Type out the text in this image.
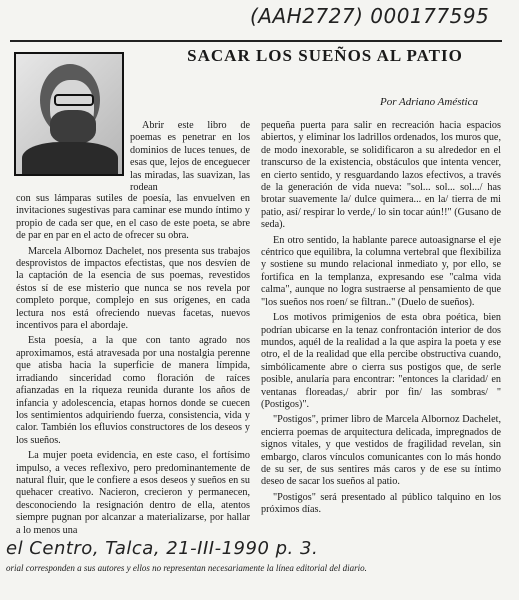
(AAH2727) 000177595
SACAR LOS SUEÑOS AL PATIO

Por Adriano Améstica

Abrir este libro de poemas es penetrar en los dominios de luces tenues, de esas que, lejos de enceguecer las miradas, las suavizan, las rodean

con sus lámparas sutiles de poesía, las envuelven en invitaciones sugestivas para caminar ese mundo íntimo y propio de cada ser que, en el caso de este poeta, se abre de par en par en el acto de ofrecer su obra.

Marcela Albornoz Dachelet, nos presenta sus trabajos desprovistos de impactos efectistas, que nos desvíen de la captación de la esencia de sus poemas, revestidos éstos sí de ese misterio que nunca se nos revela por completo porque, complejo en sus orígenes, en cada lectura nos está ofreciendo nuevas facetas, nuevos incentivos para el abordaje.

Esta poesía, a la que con tanto agrado nos aproximamos, está atravesada por una nostalgia perenne que atisba hacia la superficie de manera límpida, irradiando sinceridad como floración de raíces afianzadas en la riqueza reunida durante los años de infancia y adolescencia, etapas hornos donde se cuecen los sentimientos adquiriendo fuerza, consistencia, vida y calor. También los efluvios constructores de los deseos y los sueños.

La mujer poeta evidencia, en este caso, el fortísimo impulso, a veces reflexivo, pero predominantemente de natural fluir, que le confiere a esos deseos y sueños en su quehacer creativo. Nacieron, crecieron y permanecen, desconociendo la resignación dentro de ella, atentos siempre pugnan por alcanzar a materializarse, por hallar a lo menos una

pequeña puerta para salir en recreación hacia espacios abiertos, y eliminar los ladrillos ordenados, los muros que, de modo inexorable, se solidificaron a su alrededor en el transcurso de la existencia, obstáculos que intenta vencer, en cierto sentido, y resguardando lazos efectivos, a través de la generación de vida nueva: "sol... sol... sol.../ has brotar suavemente la/ dulce quimera... en la/ tierra de mi patio, así/ respirar lo verde,/ lo sin tocar aún!!" (Gusano de seda).

En otro sentido, la hablante parece autoasignarse el eje céntrico que equilibra, la columna vertebral que flexibiliza y sostiene su mundo relacional inmediato y, por ello, se fortifica en la templanza, expresando ese "calma vida calma", aunque no logra sustraerse al pensamiento de que "los sueños nos roen/ se filtran.." (Duelo de sueños).

Los motivos primigenios de esta obra poética, bien podrían ubicarse en la tenaz confrontación interior de dos mundos, aquél de la realidad a la que aspira la poeta y ese otro, el de la realidad que ella percibe obstructiva cuando, simbólicamente abre o cierra sus postigos que, de serle posible, anularía para encontrar: "entonces la claridad/ en ventanas floreadas,/ abrir por fin/ las sombras/ "(Postigos)".

"Postigos", primer libro de Marcela Albornoz Dachelet, encierra poemas de arquitectura delicada, impregnados de signos vitales, y que vestidos de fragilidad revelan, sin embargo, claros vínculos comunicantes con lo más hondo de su ser, de sus sentires más caros y de ese su íntimo deseo de sacar los sueños al patio.

"Postigos" será presentado al público talquino en los próximos días.

el Centro, Talca, 21-III-1990 p. 3.

orial corresponden a sus autores y ellos no representan necesariamente la línea editorial del diario.
